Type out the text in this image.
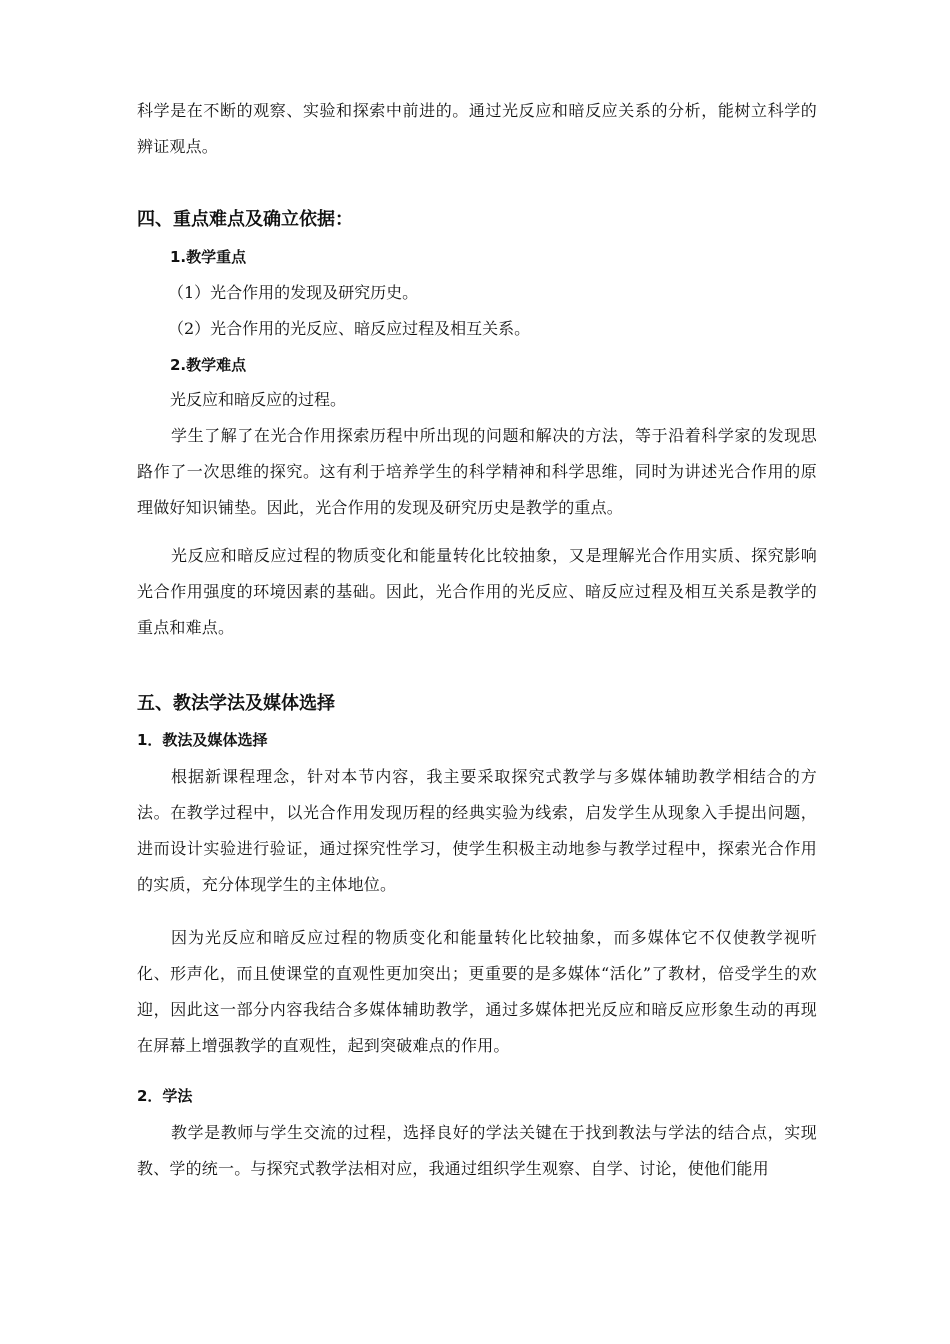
科学是在不断的观察、实验和探索中前进的。通过光反应和暗反应关系的分析，能树立科学的辨证观点。

四、重点难点及确立依据：
1.教学重点

（1）光合作用的发现及研究历史。

（2）光合作用的光反应、暗反应过程及相互关系。

2.教学难点

光反应和暗反应的过程。

学生了解了在光合作用探索历程中所出现的问题和解决的方法，等于沿着科学家的发现思路作了一次思维的探究。这有利于培养学生的科学精神和科学思维，同时为讲述光合作用的原理做好知识铺垫。因此，光合作用的发现及研究历史是教学的重点。

光反应和暗反应过程的物质变化和能量转化比较抽象，又是理解光合作用实质、探究影响光合作用强度的环境因素的基础。因此，光合作用的光反应、暗反应过程及相互关系是教学的重点和难点。

五、教法学法及媒体选择
1．教法及媒体选择

根据新课程理念，针对本节内容，我主要采取探究式教学与多媒体辅助教学相结合的方法。在教学过程中，以光合作用发现历程的经典实验为线索，启发学生从现象入手提出问题，进而设计实验进行验证，通过探究性学习，使学生积极主动地参与教学过程中，探索光合作用的实质，充分体现学生的主体地位。

因为光反应和暗反应过程的物质变化和能量转化比较抽象，而多媒体它不仅使教学视听化、形声化，而且使课堂的直观性更加突出；更重要的是多媒体“活化”了教材，倍受学生的欢迎，因此这一部分内容我结合多媒体辅助教学，通过多媒体把光反应和暗反应形象生动的再现在屏幕上增强教学的直观性，起到突破难点的作用。

2．学法

教学是教师与学生交流的过程，选择良好的学法关键在于找到教法与学法的结合点，实现教、学的统一。与探究式教学法相对应，我通过组织学生观察、自学、讨论，使他们能用
